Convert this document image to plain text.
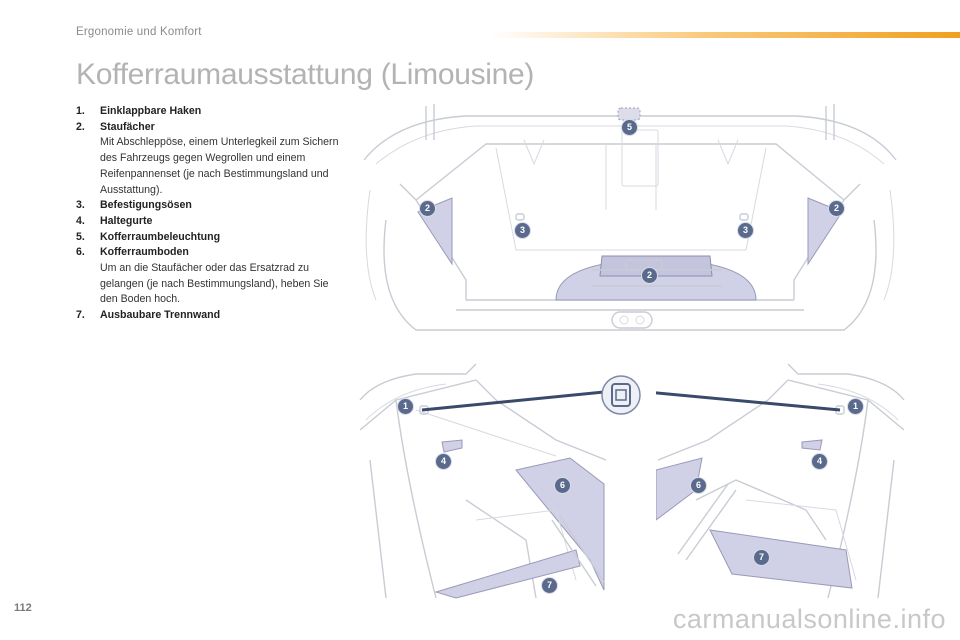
Ergonomie und Komfort
Kofferraumausstattung (Limousine)
1. Einklappbare Haken
2. Staufächer
Mit Abschleppöse, einem Unterlegkeil zum Sichern des Fahrzeugs gegen Wegrollen und einem Reifenpannenset (je nach Bestimmungsland und Ausstattung).
3. Befestigungsösen
4. Haltegurte
5. Kofferraumbeleuchtung
6. Kofferraumboden
Um an die Staufächer oder das Ersatzrad zu gelangen (je nach Bestimmungsland), heben Sie den Boden hoch.
7. Ausbaubare Trennwand
2
3	3
2
2
5
1	1
4	4
6	6
7
7
112	carmanualsonline.info
